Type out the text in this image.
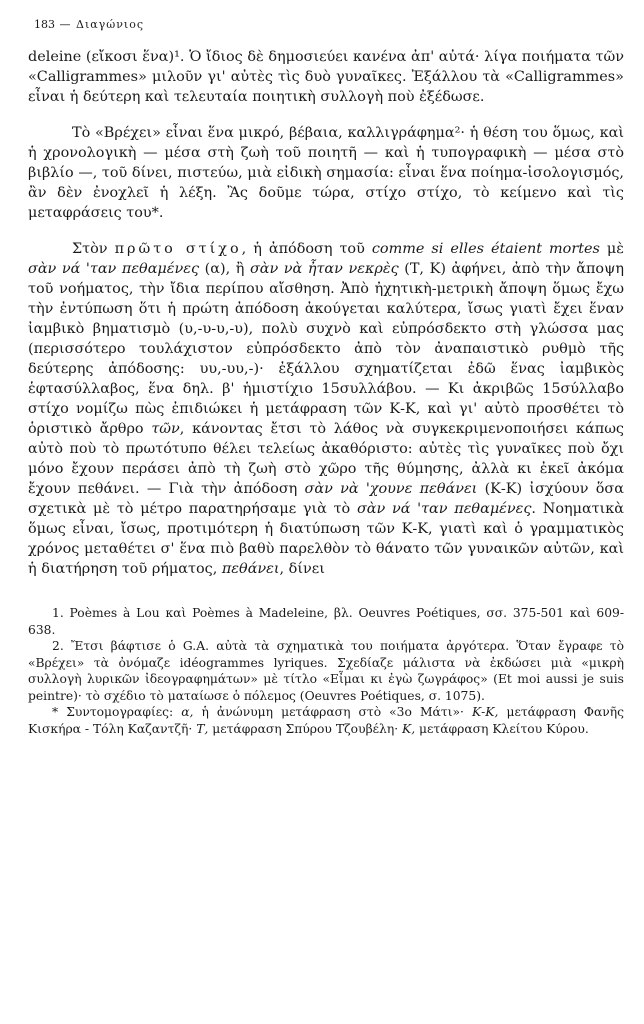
183 — Διαγώνιος

deleine (εἴκοσι ἕνα)¹. Ὁ ἴδιος δὲ δημοσιεύει κανένα ἀπ' αὐτά· λίγα ποιήματα τῶν «Calligrammes» μιλοῦν γι' αὐτὲς τὶς δυὸ γυναῖκες. Ἐξάλλου τὰ «Calligrammes» εἶναι ἡ δεύτερη καὶ τελευταία ποιητικὴ συλλογὴ ποὺ ἐξέδωσε.

Τὸ «Βρέχει» εἶναι ἕνα μικρό, βέβαια, καλλιγράφημα²· ἡ θέση του ὅμως, καὶ ἡ χρονολογικὴ — μέσα στὴ ζωὴ τοῦ ποιητῆ — καὶ ἡ τυπογραφικὴ — μέσα στὸ βιβλίο —, τοῦ δίνει, πιστεύω, μιὰ εἰδικὴ σημασία: εἶναι ἕνα ποίημα-ἰσολογισμός, ἂν δὲν ἐνοχλεῖ ἡ λέξη. Ἂς δοῦμε τώρα, στίχο στίχο, τὸ κείμενο καὶ τὶς μεταφράσεις του*.

Στὸν πρῶτο στίχο, ἡ ἀπόδοση τοῦ comme si elles étaient mortes μὲ σὰν νά 'ταν πεθαμένες (α), ἢ σὰν νὰ ἦταν νεκρὲς (Τ, Κ) ἀφήνει, ἀπὸ τὴν ἄποψη τοῦ νοήματος, τὴν ἴδια περίπου αἴσθηση. Ἀπὸ ἠχητικὴ-μετρικὴ ἄποψη ὅμως ἔχω τὴν ἐντύπωση ὅτι ἡ πρώτη ἀπόδοση ἀκούγεται καλύτερα, ἴσως γιατὶ ἔχει ἕναν ἰαμβικὸ βηματισμὸ (υ,-υ-υ,-υ), πολὺ συχνὸ καὶ εὐπρόσδεκτο στὴ γλώσσα μας (περισσότερο τουλάχιστον εὐπρόσδεκτο ἀπὸ τὸν ἀναπαιστικὸ ρυθμὸ τῆς δεύτερης ἀπόδοσης: υυ,-υυ,-)· ἐξάλλου σχηματίζεται ἐδῶ ἕνας ἰαμβικὸς ἑφτασύλλαβος, ἕνα δηλ. β' ἡμιστίχιο 15συλλάβου. — Κι ἀκριβῶς 15σύλλαβο στίχο νομίζω πὼς ἐπιδιώκει ἡ μετάφραση τῶν Κ-Κ, καὶ γι' αὐτὸ προσθέτει τὸ ὁριστικὸ ἄρθρο τῶν, κάνοντας ἔτσι τὸ λάθος νὰ συγκεκριμενοποιήσει κάπως αὐτὸ ποὺ τὸ πρωτότυπο θέλει τελείως ἀκαθόριστο: αὐτὲς τὶς γυναῖκες ποὺ ὄχι μόνο ἔχουν περάσει ἀπὸ τὴ ζωὴ στὸ χῶρο τῆς θύμησης, ἀλλὰ κι ἐκεῖ ἀκόμα ἔχουν πεθάνει. — Γιὰ τὴν ἀπόδοση σὰν νὰ 'χουνε πεθάνει (Κ-Κ) ἰσχύουν ὅσα σχετικὰ μὲ τὸ μέτρο παρατηρήσαμε γιὰ τὸ σὰν νά 'ταν πεθαμένες. Νοηματικὰ ὅμως εἶναι, ἴσως, προτιμότερη ἡ διατύπωση τῶν Κ-Κ, γιατὶ καὶ ὁ γραμματικὸς χρόνος μεταθέτει σ' ἕνα πιὸ βαθὺ παρελθὸν τὸ θάνατο τῶν γυναικῶν αὐτῶν, καὶ ἡ διατήρηση τοῦ ρήματος, πεθάνει, δίνει

1. Poèmes à Lou καὶ Poèmes à Madeleine, βλ. Oeuvres Poétiques, σσ. 375-501 καὶ 609-638.

2. Ἔτσι βάφτισε ὁ G.A. αὐτὰ τὰ σχηματικὰ του ποιήματα ἀργότερα. Ὅταν ἔγραφε τὸ «Βρέχει» τὰ ὀνόμαζε idéogrammes lyriques. Σχεδίαζε μάλιστα νὰ ἐκδώσει μιὰ «μικρὴ συλλογὴ λυρικῶν ἰδεογραφημάτων» μὲ τίτλο «Εἶμαι κι ἐγὼ ζωγράφος» (Et moi aussi je suis peintre)· τὸ σχέδιο τὸ ματαίωσε ὁ πόλεμος (Oeuvres Poétiques, σ. 1075).

* Συντομογραφίες: α, ἡ ἀνώνυμη μετάφραση στὸ «3ο Μάτι»· Κ-Κ, μετάφραση Φανῆς Κισκήρα - Τόλη Καζαντζῆ· Τ, μετάφραση Σπύρου Τζουβέλη· Κ, μετάφραση Κλείτου Κύρου.
